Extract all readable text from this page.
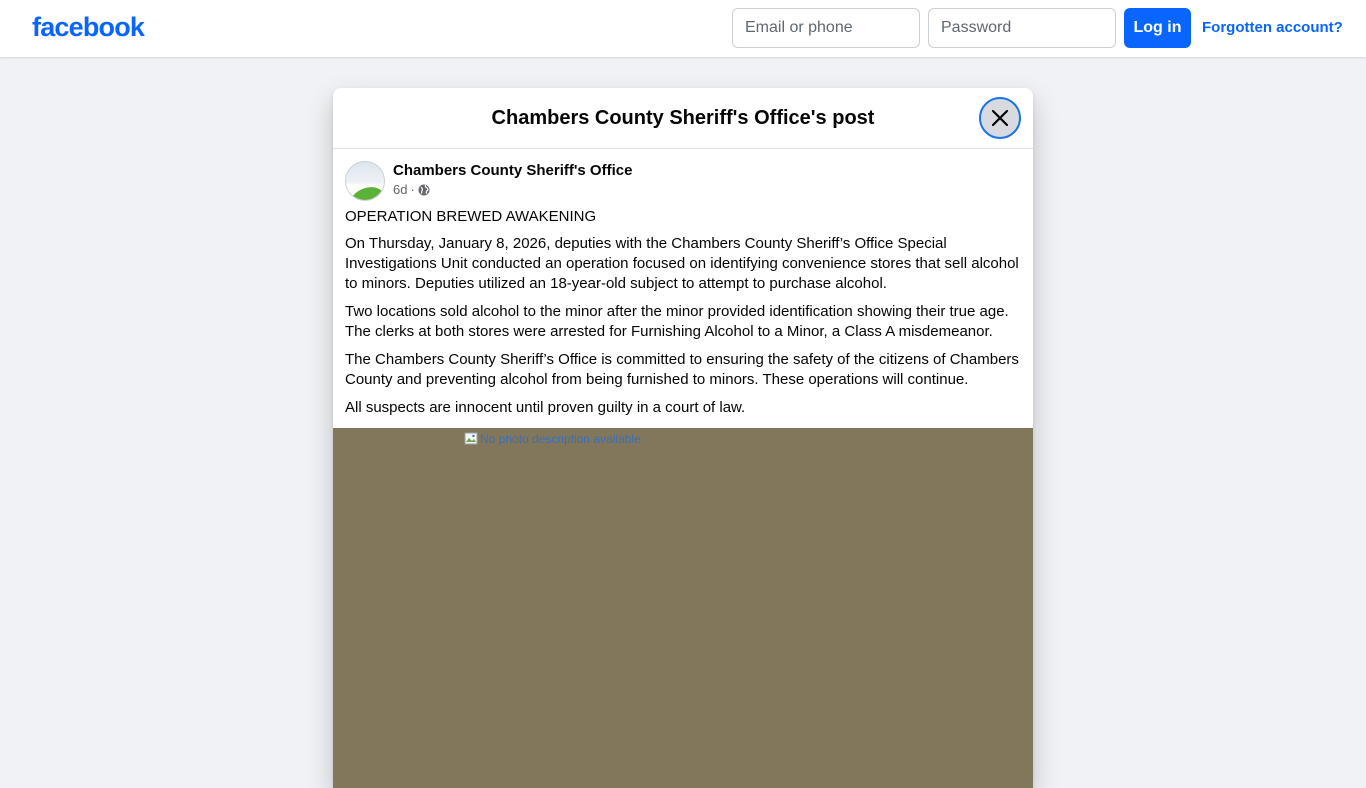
facebook
Email or phone	Log in	Forgotten account?
Chambers County Sheriff's Office's post
Chambers County Sheriff's Office
6d ·

OPERATION BREWED AWAKENING

On Thursday, January 8, 2026, deputies with the Chambers County Sheriff’s Office Special Investigations Unit conducted an operation focused on identifying convenience stores that sell alcohol to minors. Deputies utilized an 18-year-old subject to attempt to purchase alcohol.

Two locations sold alcohol to the minor after the minor provided identification showing their true age. The clerks at both stores were arrested for Furnishing Alcohol to a Minor, a Class A misdemeanor.

The Chambers County Sheriff’s Office is committed to ensuring the safety of the citizens of Chambers County and preventing alcohol from being furnished to minors. These operations will continue.

All suspects are innocent until proven guilty in a court of law.

No photo description available.
